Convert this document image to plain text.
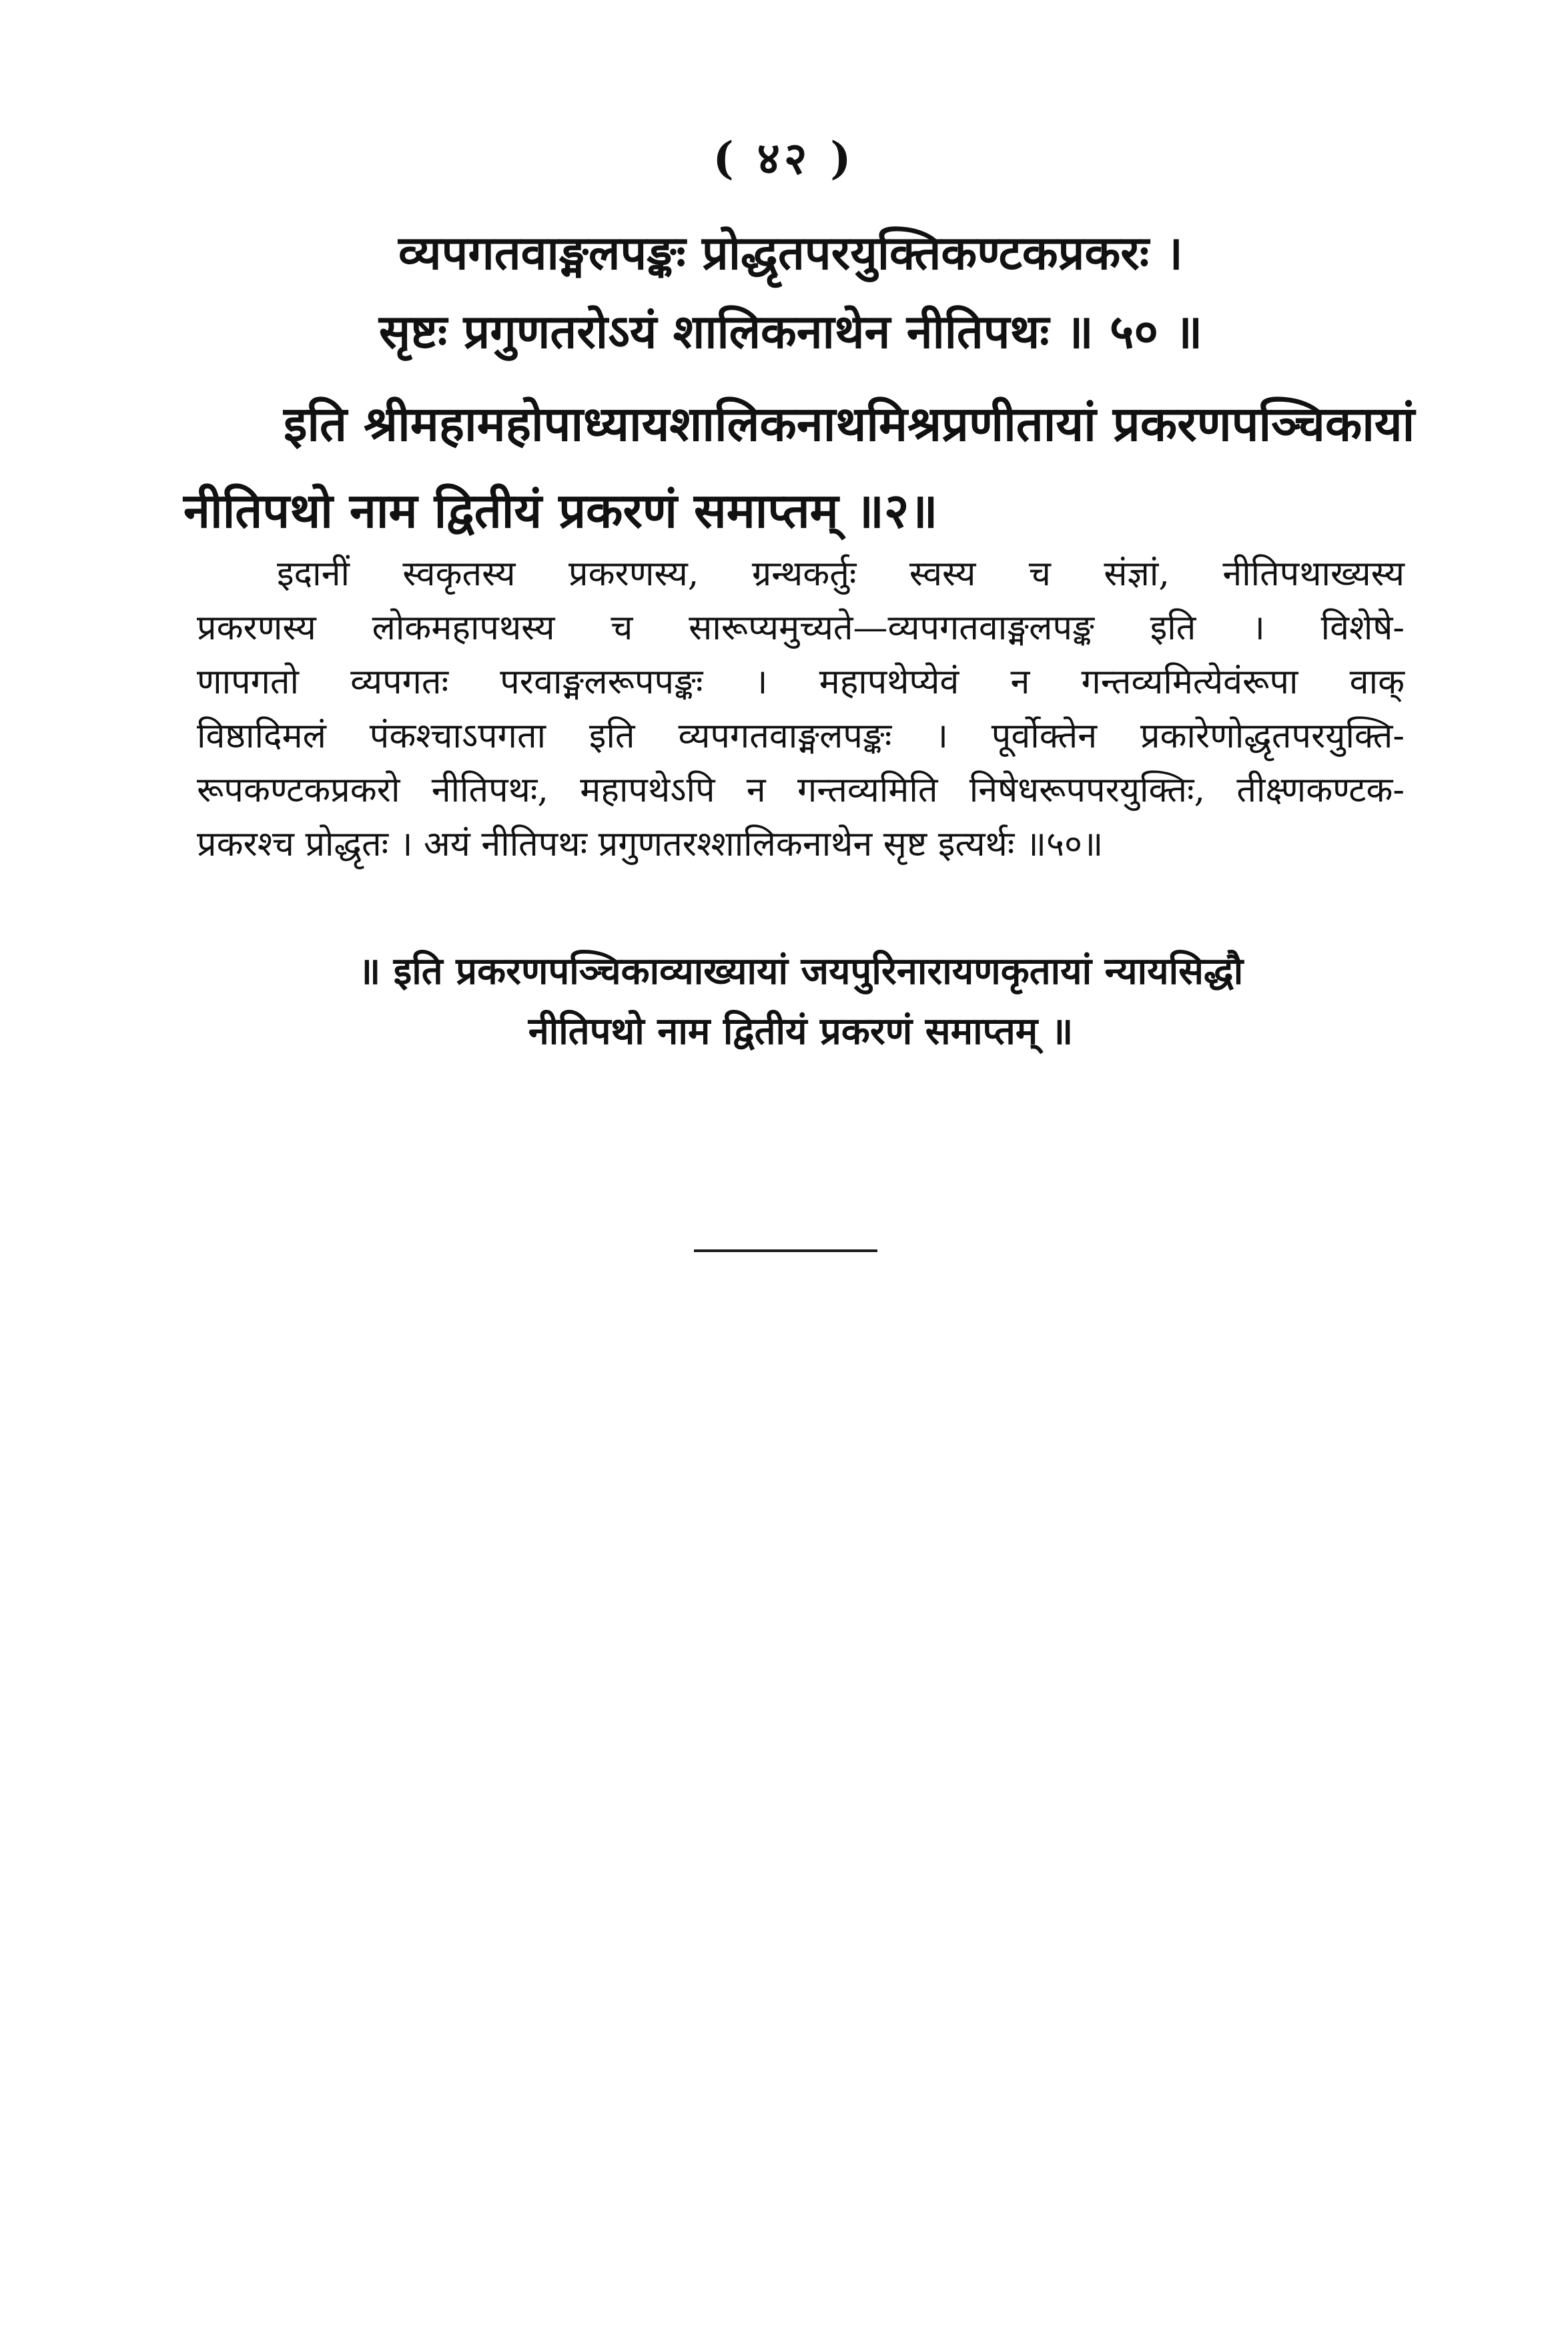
( ४२ )
व्यपगतवाङ्मलपङ्कः प्रोद्धृतपरयुक्तिकण्टकप्रकरः ।
सृष्टः प्रगुणतरोऽयं शालिकनाथेन नीतिपथः ॥ ५० ॥
इति श्रीमहामहोपाध्यायशालिकनाथमिश्रप्रणीतायां प्रकरणपञ्चिकायां
नीतिपथो नाम द्वितीयं प्रकरणं समाप्तम् ॥२॥
इदानीं स्वकृतस्य प्रकरणस्य, ग्रन्थकर्तुः स्वस्य च संज्ञां, नीतिपथाख्यस्य
प्रकरणस्य लोकमहापथस्य च सारूप्यमुच्यते—व्यपगतवाङ्मलपङ्क इति । विशेषे-
णापगतो व्यपगतः परवाङ्मलरूपपङ्कः । महापथेप्येवं न गन्तव्यमित्येवंरूपा वाक्
विष्ठादिमलं पंकश्चाऽपगता इति व्यपगतवाङ्मलपङ्कः । पूर्वोक्तेन प्रकारेणोद्धृतपरयुक्ति-
रूपकण्टकप्रकरो नीतिपथः, महापथेऽपि न गन्तव्यमिति निषेधरूपपरयुक्तिः, तीक्ष्णकण्टक-
प्रकरश्च प्रोद्धृतः । अयं नीतिपथः प्रगुणतरश्शालिकनाथेन सृष्ट इत्यर्थः ॥५०॥
॥ इति प्रकरणपञ्चिकाव्याख्यायां जयपुरिनारायणकृतायां न्यायसिद्धौ
नीतिपथो नाम द्वितीयं प्रकरणं समाप्तम् ॥
